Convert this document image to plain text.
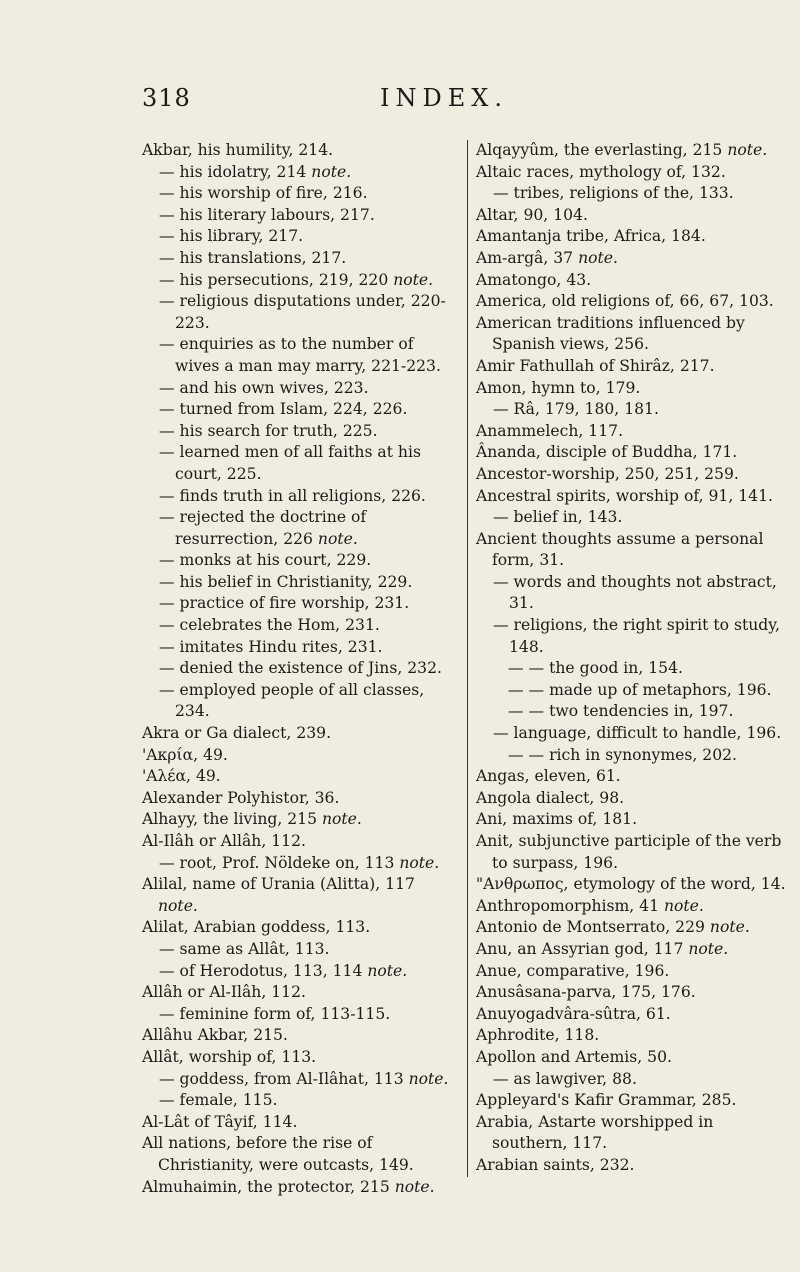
318	INDEX.
Akbar, his humility, 214.
— his idolatry, 214 note.
— his worship of fire, 216.
— his literary labours, 217.
— his library, 217.
— his translations, 217.
— his persecutions, 219, 220 note.
— religious disputations under, 220-223.
— enquiries as to the number of wives a man may marry, 221-223.
— and his own wives, 223.
— turned from Islam, 224, 226.
— his search for truth, 225.
— learned men of all faiths at his court, 225.
— finds truth in all religions, 226.
— rejected the doctrine of resurrection, 226 note.
— monks at his court, 229.
— his belief in Christianity, 229.
— practice of fire worship, 231.
— celebrates the Hom, 231.
— imitates Hindu rites, 231.
— denied the existence of Jins, 232.
— employed people of all classes, 234.
Akra or Ga dialect, 239.
'Ακρία, 49.
'Αλέα, 49.
Alexander Polyhistor, 36.
Alhayy, the living, 215 note.
Al-Ilâh or Allâh, 112.
— root, Prof. Nöldeke on, 113 note.
Alilal, name of Urania (Alitta), 117 note.
Alilat, Arabian goddess, 113.
— same as Allât, 113.
— of Herodotus, 113, 114 note.
Allâh or Al-Ilâh, 112.
— feminine form of, 113-115.
Allâhu Akbar, 215.
Allât, worship of, 113.
— goddess, from Al-Ilâhat, 113 note.
— female, 115.
Al-Lât of Tâyif, 114.
All nations, before the rise of Christianity, were outcasts, 149.
Almuhaimin, the protector, 215 note.
Alqayyûm, the everlasting, 215 note.
Altaic races, mythology of, 132.
— tribes, religions of the, 133.
Altar, 90, 104.
Amantanja tribe, Africa, 184.
Am-argâ, 37 note.
Amatongo, 43.
America, old religions of, 66, 67, 103.
American traditions influenced by Spanish views, 256.
Amir Fathullah of Shirâz, 217.
Amon, hymn to, 179.
— Râ, 179, 180, 181.
Anammelech, 117.
Ânanda, disciple of Buddha, 171.
Ancestor-worship, 250, 251, 259.
Ancestral spirits, worship of, 91, 141.
— belief in, 143.
Ancient thoughts assume a personal form, 31.
— words and thoughts not abstract, 31.
— religions, the right spirit to study, 148.
— — the good in, 154.
— — made up of metaphors, 196.
— — two tendencies in, 197.
— language, difficult to handle, 196.
— — rich in synonymes, 202.
Angas, eleven, 61.
Angola dialect, 98.
Ani, maxims of, 181.
Anit, subjunctive participle of the verb to surpass, 196.
"Ανθρωπος, etymology of the word, 14.
Anthropomorphism, 41 note.
Antonio de Montserrato, 229 note.
Anu, an Assyrian god, 117 note.
Anue, comparative, 196.
Anusâsana-parva, 175, 176.
Anuyogadvâra-sûtra, 61.
Aphrodite, 118.
Apollon and Artemis, 50.
— as lawgiver, 88.
Appleyard's Kafir Grammar, 285.
Arabia, Astarte worshipped in southern, 117.
Arabian saints, 232.
